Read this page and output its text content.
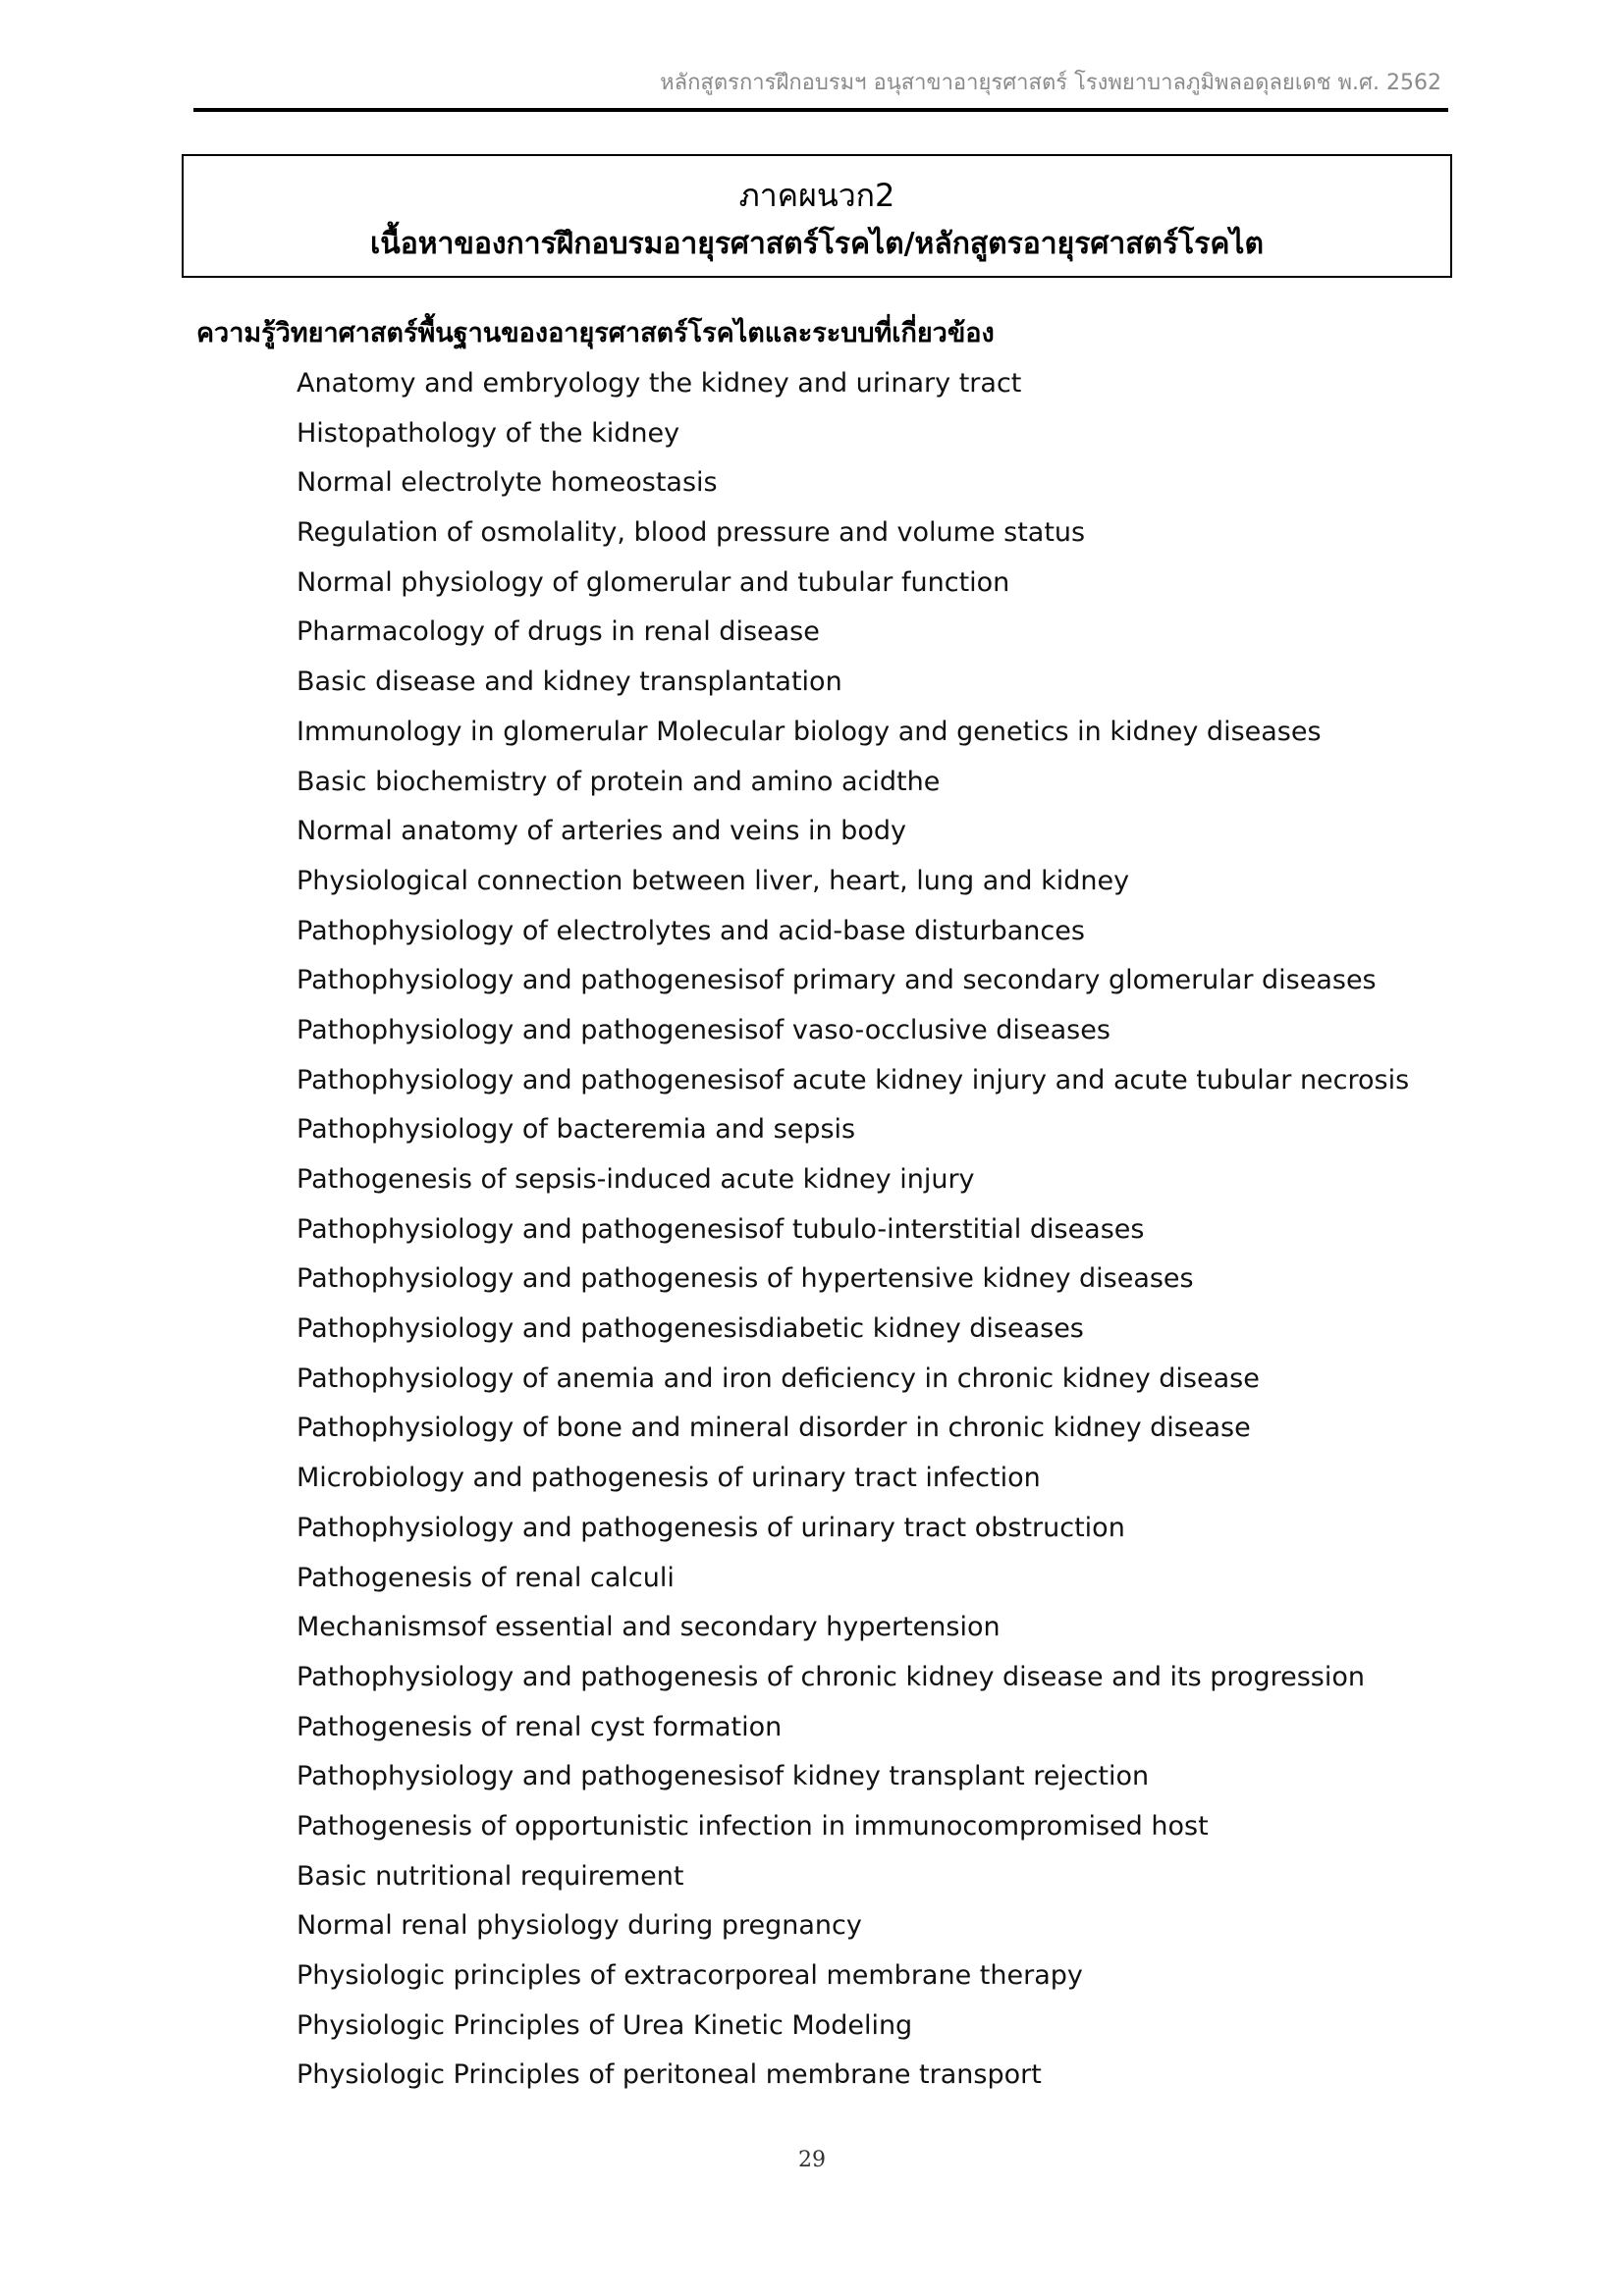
หลักสูตรการฝึกอบรมฯ อนุสาขาอายุรศาสตร์ โรงพยาบาลภูมิพลอดุลยเดช พ.ศ. 2562
ภาคผนวก2
เนื้อหาของการฝึกอบรมอายุรศาสตร์โรคไต/หลักสูตรอายุรศาสตร์โรคไต
ความรู้วิทยาศาสตร์พื้นฐานของอายุรศาสตร์โรคไตและระบบที่เกี่ยวข้อง
Anatomy and embryology the kidney and urinary tract
Histopathology of the kidney
Normal electrolyte homeostasis
Regulation of osmolality, blood pressure and volume status
Normal physiology of glomerular and tubular function
Pharmacology of drugs in renal disease
Basic disease and kidney transplantation
Immunology in glomerular Molecular biology and genetics in kidney diseases
Basic biochemistry of protein and amino acidthe
Normal anatomy of arteries and veins in body
Physiological connection between liver, heart, lung and kidney
Pathophysiology of electrolytes and acid-base disturbances
Pathophysiology and pathogenesisof primary and secondary glomerular diseases
Pathophysiology and pathogenesisof vaso-occlusive diseases
Pathophysiology and pathogenesisof acute kidney injury and acute tubular necrosis
Pathophysiology of bacteremia and sepsis
Pathogenesis of sepsis-induced acute kidney injury
Pathophysiology and pathogenesisof tubulo-interstitial diseases
Pathophysiology and pathogenesis of hypertensive kidney diseases
Pathophysiology and pathogenesisdiabetic kidney diseases
Pathophysiology of anemia and iron deficiency in chronic kidney disease
Pathophysiology of bone and mineral disorder in chronic kidney disease
Microbiology and pathogenesis of urinary tract infection
Pathophysiology and pathogenesis of urinary tract obstruction
Pathogenesis of renal calculi
Mechanismsof essential and secondary hypertension
Pathophysiology and pathogenesis of chronic kidney disease and its progression
Pathogenesis of renal cyst formation
Pathophysiology and pathogenesisof kidney transplant rejection
Pathogenesis of opportunistic infection in immunocompromised host
Basic nutritional requirement
Normal renal physiology during pregnancy
Physiologic principles of extracorporeal membrane therapy
Physiologic Principles of Urea Kinetic Modeling
Physiologic Principles of peritoneal membrane transport
29
